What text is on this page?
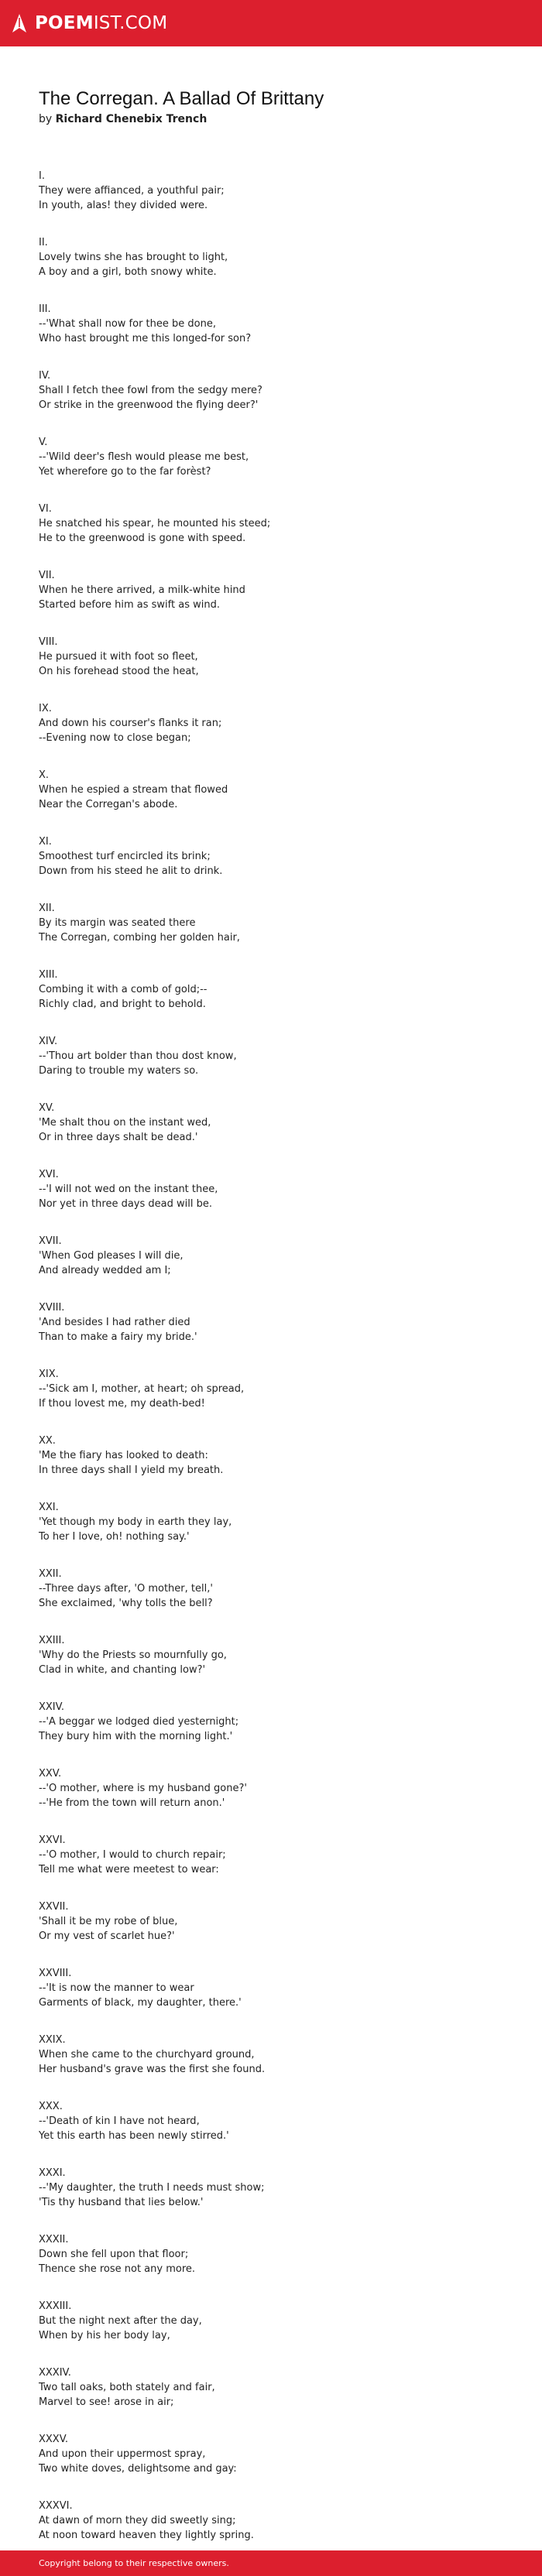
POEMIST.COM
The Corregan. A Ballad Of Brittany
by Richard Chenebix Trench
I.
They were affianced, a youthful pair;
In youth, alas! they divided were.
II.
Lovely twins she has brought to light,
A boy and a girl, both snowy white.
III.
--'What shall now for thee be done,
Who hast brought me this longed-for son?
IV.
Shall I fetch thee fowl from the sedgy mere?
Or strike in the greenwood the flying deer?'
V.
--'Wild deer's flesh would please me best,
Yet wherefore go to the far forèst?
VI.
He snatched his spear, he mounted his steed;
He to the greenwood is gone with speed.
VII.
When he there arrived, a milk-white hind
Started before him as swift as wind.
VIII.
He pursued it with foot so fleet,
On his forehead stood the heat,
IX.
And down his courser's flanks it ran;
--Evening now to close began;
X.
When he espied a stream that flowed
Near the Corregan's abode.
XI.
Smoothest turf encircled its brink;
Down from his steed he alit to drink.
XII.
By its margin was seated there
The Corregan, combing her golden hair,
XIII.
Combing it with a comb of gold;--
Richly clad, and bright to behold.
XIV.
--'Thou art bolder than thou dost know,
Daring to trouble my waters so.
XV.
'Me shalt thou on the instant wed,
Or in three days shalt be dead.'
XVI.
--'I will not wed on the instant thee,
Nor yet in three days dead will be.
XVII.
'When God pleases I will die,
And already wedded am I;
XVIII.
'And besides I had rather died
Than to make a fairy my bride.'
XIX.
--'Sick am I, mother, at heart; oh spread,
If thou lovest me, my death-bed!
XX.
'Me the fiary has looked to death:
In three days shall I yield my breath.
XXI.
'Yet though my body in earth they lay,
To her I love, oh! nothing say.'
XXII.
--Three days after, 'O mother, tell,'
She exclaimed, 'why tolls the bell?
XXIII.
'Why do the Priests so mournfully go,
Clad in white, and chanting low?'
XXIV.
--'A beggar we lodged died yesternight;
They bury him with the morning light.'
XXV.
--'O mother, where is my husband gone?'
--'He from the town will return anon.'
XXVI.
--'O mother, I would to church repair;
Tell me what were meetest to wear:
XXVII.
'Shall it be my robe of blue,
Or my vest of scarlet hue?'
XXVIII.
--'It is now the manner to wear
Garments of black, my daughter, there.'
XXIX.
When she came to the churchyard ground,
Her husband's grave was the first she found.
XXX.
--'Death of kin I have not heard,
Yet this earth has been newly stirred.'
XXXI.
--'My daughter, the truth I needs must show;
'Tis thy husband that lies below.'
XXXII.
Down she fell upon that floor;
Thence she rose not any more.
XXXIII.
But the night next after the day,
When by his her body lay,
XXXIV.
Two tall oaks, both stately and fair,
Marvel to see! arose in air;
XXXV.
And upon their uppermost spray,
Two white doves, delightsome and gay:
XXXVI.
At dawn of morn they did sweetly sing;
At noon toward heaven they lightly spring.
Copyright belong to their respective owners.
